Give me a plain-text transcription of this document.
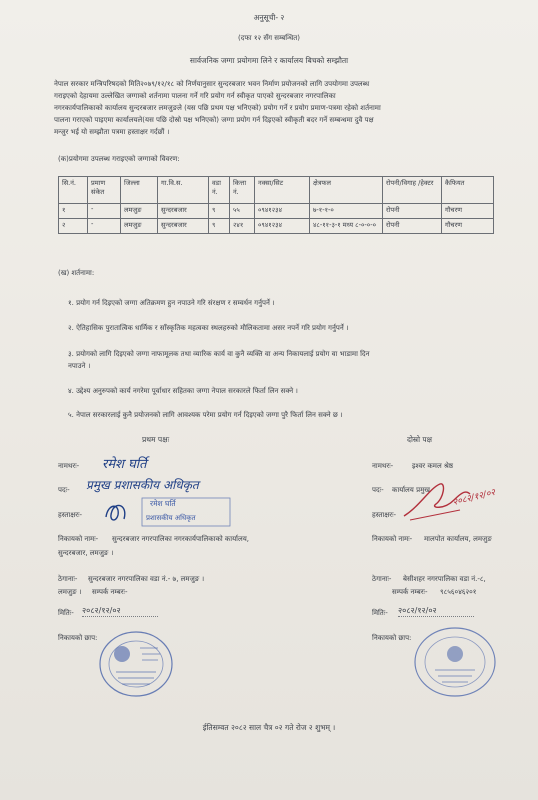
अनुसूची- २
(दफा १२ सँग सम्बन्धित)
सार्वजनिक जग्गा प्रयोगमा लिने र कार्यालय बिचको सम्झौता
नेपाल सरकार मन्त्रिपरिषदको मिति२०७९/१२/१८ को निर्णयानुसार सुन्दरबजार भवन निर्माण प्रयोजनको लागि उपयोगमा उपलब्ध
गराइएको देहायमा उल्लेखित जग्गाको शर्तनामा पालना गर्ने गरि प्रयोग गर्न स्वीकृत पाएको सुन्दरबजार नगरपालिका
नगरकार्यपालिकाको कार्यालय सुन्दरबजार लमजुङले (यस पछि प्रथम पक्ष भनिएको) प्रयोग गर्ने र प्रयोग प्रमाण-पत्रमा रहेको शर्तनामा
पालना गराएको पाइएमा कार्यालयले(यस पछि दोस्रो पक्ष भनिएको) जग्गा प्रयोग गर्न दिइएको स्वीकृती बदर गर्ने सम्बन्धमा दुवै पक्ष
मन्जुर भई यो सम्झौता पत्रमा हस्ताक्षर गर्दछौं ।
(क)प्रयोगमा उपलब्ध गराइएको जग्गाको विवरण:
सि.नं.	प्रमाण संकेत	जिल्ला	गा.वि.स.	वडा नं.	कित्ता नं.	नक्सा/सिट	क्षेत्रफल	रोपनी/विगाह /हेक्टर	कैफियत
१	-	लमजुङ	सुन्दरबजार	९	५५	०९४१२३४	७-१-१-०	रोपनी	गौचरण
२	-	लमजुङ	सुन्दरबजार	९	२४१	०९४१२३४	४८-११-३-१ मध्य ८-०-०-०	रोपनी	गौचरण
(ख) शर्तनामा:
१. प्रयोग गर्न दिइएको जग्गा अतिक्रमण हुन नपाउने गरि संरक्षण र सम्वर्धन गर्नुपर्ने ।
२. ऐतिहासिक पुरातात्विक धार्मिक र साँस्कृतिक महत्वका स्थलहरुको मौलिकतामा असर नपर्ने गरि प्रयोग गर्नुपर्ने ।
३. प्रयोगको लागि दिइएको जग्गा नाफामूलक तथा व्यारिक कार्य वा कुनै व्यक्ति वा अन्य निकायलाई प्रयोग वा भाडामा दिन
नपाउने ।
४. उद्देश्य अनुरुपको कार्य नगरेमा पूर्वाधार सहितका जग्गा नेपाल सरकारले फिर्ता लिन सक्ने ।
५. नेपाल सरकारलाई कुनै प्रयोजनको लागि आवश्यक परेमा प्रयोग गर्न दिइएको जग्गा पुरै फिर्ता लिन सक्ने छ ।
प्रथम पक्षः	दोस्रो पक्ष
नामथरः- रमेश घर्ति
पदः- प्रमुख प्रशासकीय अधिकृत
हस्ताक्षरः-
रमेश घर्ति
प्रशासकीय अधिकृत
निकायको नामः- सुन्दरबजार नगरपालिका नगरकार्यपालिकाको कार्यालय,
सुन्दरबजार, लमजुङ ।
ठेगानाः- सुन्दरबजार नगरपालिका वडा नं.- ७, लमजुङ ।
लमजुङ । सम्पर्क नम्बरः-
मितिः- २०८२/१२/०२
निकायको छाप:
नामथरः-	इश्वर कमल श्रेष्ठ
पदः- कार्यालय प्रमुख
हस्ताक्षरः-
२०८२/१२/०२
निकायको नामः- मालपोत कार्यालय, लमजुङ
ठेगानाः- बेसीशहर नगरपालिका वडा नं.-८,
सम्पर्क नम्बरः- ९८५६०४६२०१
मितिः- २०८२/१२/०२
निकायको छाप:
ईतिसम्वत २०८२ साल चैत्र ०२ गते रोज २ शुभम् ।
